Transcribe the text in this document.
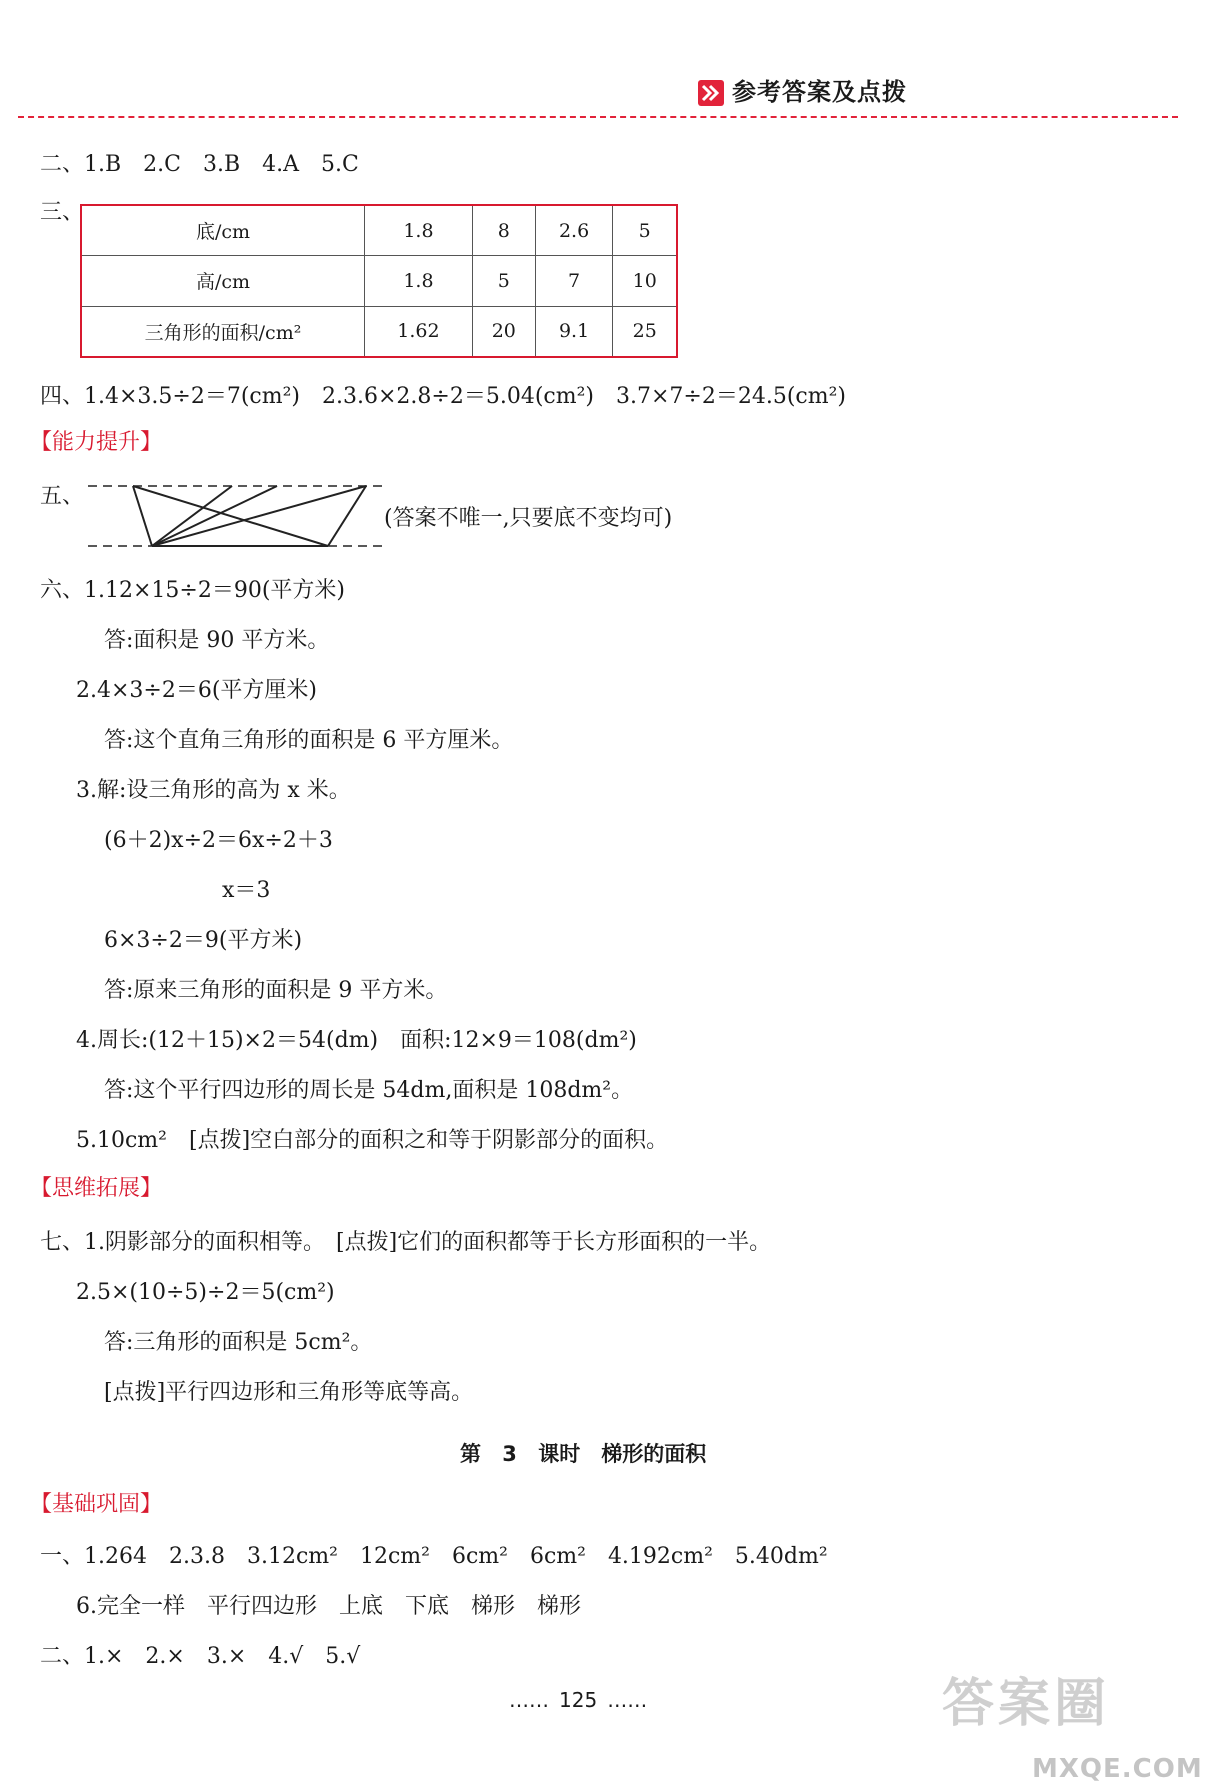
参考答案及点拨
二、1.B　2.C　3.B　4.A　5.C
三、
底/cm	1.8	8	2.6	5
高/cm	1.8	5	7	10
三角形的面积/cm²	1.62	20	9.1	25
四、1.4×3.5÷2＝7(cm²)　2.3.6×2.8÷2＝5.04(cm²)　3.7×7÷2＝24.5(cm²)
【能力提升】
五、
(答案不唯一,只要底不变均可)
六、1.12×15÷2＝90(平方米)
答:面积是 90 平方米。
2.4×3÷2＝6(平方厘米)
答:这个直角三角形的面积是 6 平方厘米。
3.解:设三角形的高为 x 米。
(6＋2)x÷2＝6x÷2＋3
x＝3
6×3÷2＝9(平方米)
答:原来三角形的面积是 9 平方米。
4.周长:(12＋15)×2＝54(dm)　面积:12×9＝108(dm²)
答:这个平行四边形的周长是 54dm,面积是 108dm²。
5.10cm²　[点拨]空白部分的面积之和等于阴影部分的面积。
【思维拓展】
七、1.阴影部分的面积相等。　[点拨]它们的面积都等于长方形面积的一半。
2.5×(10÷5)÷2＝5(cm²)
答:三角形的面积是 5cm²。
[点拨]平行四边形和三角形等底等高。
第 3 课时　梯形的面积
【基础巩固】
一、1.264　2.3.8　3.12cm²　12cm²　6cm²　6cm²　4.192cm²　5.40dm²
6.完全一样　平行四边形　上底　下底　梯形　梯形
二、1.×　2.×　3.×　4.√　5.√
…… 125 ……	答案圈
MXQE.COM
